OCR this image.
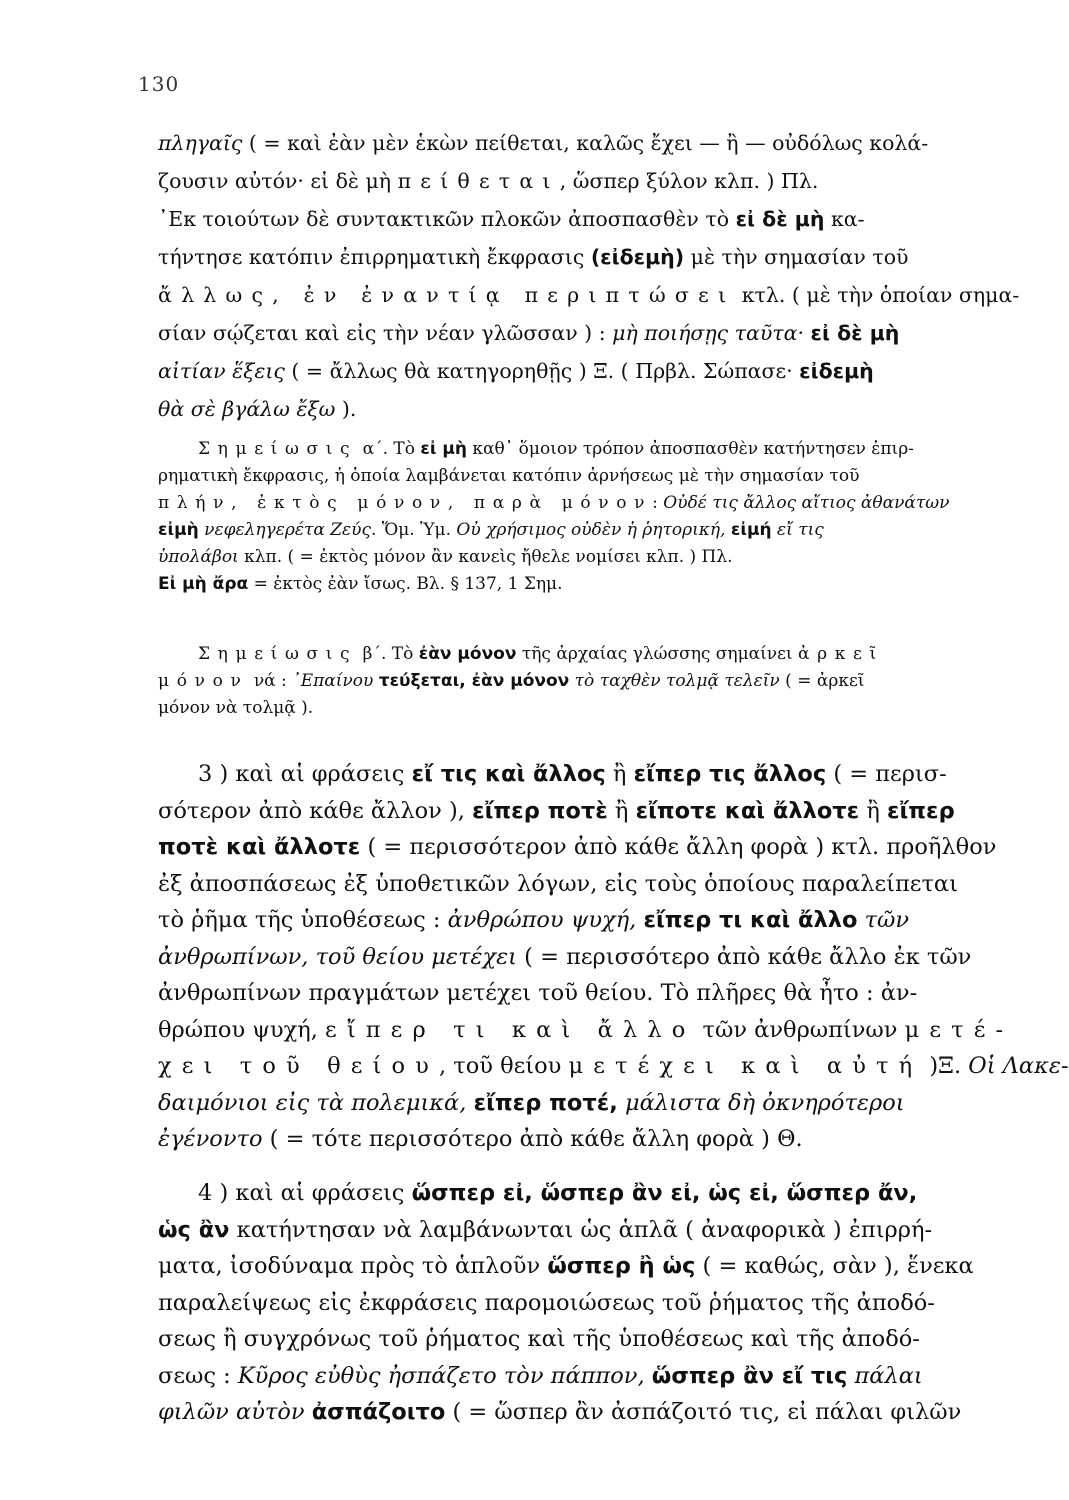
130
πληγαῖς ( = καὶ ἐὰν μὲν ἑκὼν πείθεται, καλῶς ἔχει — ἢ — οὐδόλως κολά-
ζουσιν αὐτόν· εἰ δὲ μὴ πείθεται, ὥσπερ ξύλον κλπ. ) Πλ.
᾿Εκ τοιούτων δὲ συντακτικῶν πλοκῶν ἀποσπασθὲν τὸ εἰ δὲ μὴ κα-
τήντησε κατόπιν ἐπιρρηματικὴ ἔκφρασις (εἰδεμὴ) μὲ τὴν σημασίαν τοῦ
ἄλλως, ἐν ἐναντίᾳ περιπτώσει κτλ. ( μὲ τὴν ὁποίαν σημα-
σίαν σῴζεται καὶ εἰς τὴν νέαν γλῶσσαν ) : μὴ ποιήσῃς ταῦτα· εἰ δὲ μὴ
αἰτίαν ἕξεις ( = ἄλλως θὰ κατηγορηθῇς ) Ξ. ( Πρβλ. Σώπασε· εἰδεμὴ
θὰ σὲ βγάλω ἔξω ).
Σημείωσις α΄. Τὸ εἰ μὴ καθ᾿ ὅμοιον τρόπον ἀποσπασθὲν κατήντησεν ἐπιρ-
ρηματικὴ ἔκφρασις, ἡ ὁποία λαμβάνεται κατόπιν ἀρνήσεως μὲ τὴν σημασίαν τοῦ
πλήν, ἐκτὸς μόνον, παρὰ μόνον: Οὐδέ τις ἄλλος αἴτιος ἀθανάτων
εἰμὴ νεφεληγερέτα Ζεύς. Ὅμ. Ὑμ. Οὐ χρήσιμος οὐδὲν ἡ ῥητορική, εἰμή εἴ τις
ὑπολάβοι κλπ. ( = ἐκτὸς μόνον ἂν κανεὶς ἤθελε νομίσει κλπ. ) Πλ.
Εἰ μὴ ἄρα = ἐκτὸς ἐὰν ἴσως. Βλ. § 137, 1 Σημ.
Σημείωσις β΄. Τὸ ἐὰν μόνον τῆς ἀρχαίας γλώσσης σημαίνει ἀρκεῖ
μόνον νά : ᾿Επαίνου τεύξεται, ἐὰν μόνον τὸ ταχθὲν τολμᾷ τελεῖν ( = ἀρκεῖ
μόνον νὰ τολμᾷ ).
3 ) καὶ αἱ φράσεις εἴ τις καὶ ἄλλος ἢ εἴπερ τις ἄλλος ( = περισ-
σότερον ἀπὸ κάθε ἄλλον ), εἴπερ ποτὲ ἢ εἴποτε καὶ ἄλλοτε ἢ εἴπερ
ποτὲ καὶ ἄλλοτε ( = περισσότερον ἀπὸ κάθε ἄλλη φορὰ ) κτλ. προῆλθον
ἐξ ἀποσπάσεως ἐξ ὑποθετικῶν λόγων, εἰς τοὺς ὁποίους παραλείπεται
τὸ ῥῆμα τῆς ὑποθέσεως : ἀνθρώπου ψυχή, εἴπερ τι καὶ ἄλλο τῶν
ἀνθρωπίνων, τοῦ θείου μετέχει ( = περισσότερο ἀπὸ κάθε ἄλλο ἐκ τῶν
ἀνθρωπίνων πραγμάτων μετέχει τοῦ θείου. Τὸ πλῆρες θὰ ἦτο : ἀν-
θρώπου ψυχή, εἴπερ τι καὶ ἄλλο τῶν ἀνθρωπίνων μετέ-
χει τοῦ θείου, τοῦ θείου μετέχει καὶ αὐτή )Ξ. Οἱ Λακε-
δαιμόνιοι εἰς τὰ πολεμικά, εἴπερ ποτέ, μάλιστα δὴ ὀκνηρότεροι
ἐγένοντο ( = τότε περισσότερο ἀπὸ κάθε ἄλλη φορὰ ) Θ.
4 ) καὶ αἱ φράσεις ὥσπερ εἰ, ὥσπερ ἂν εἰ, ὡς εἰ, ὥσπερ ἄν,
ὡς ἂν κατήντησαν νὰ λαμβάνωνται ὡς ἁπλᾶ ( ἀναφορικὰ ) ἐπιρρή-
ματα, ἰσοδύναμα πρὸς τὸ ἁπλοῦν ὥσπερ ἢ ὡς ( = καθώς, σὰν ), ἕνεκα
παραλείψεως εἰς ἐκφράσεις παρομοιώσεως τοῦ ῥήματος τῆς ἀποδό-
σεως ἢ συγχρόνως τοῦ ῥήματος καὶ τῆς ὑποθέσεως καὶ τῆς ἀποδό-
σεως : Κῦρος εὐθὺς ἠσπάζετο τὸν πάππον, ὥσπερ ἂν εἴ τις πάλαι
φιλῶν αὐτὸν ἀσπάζοιτο ( = ὥσπερ ἂν ἀσπάζοιτό τις, εἰ πάλαι φιλῶν
